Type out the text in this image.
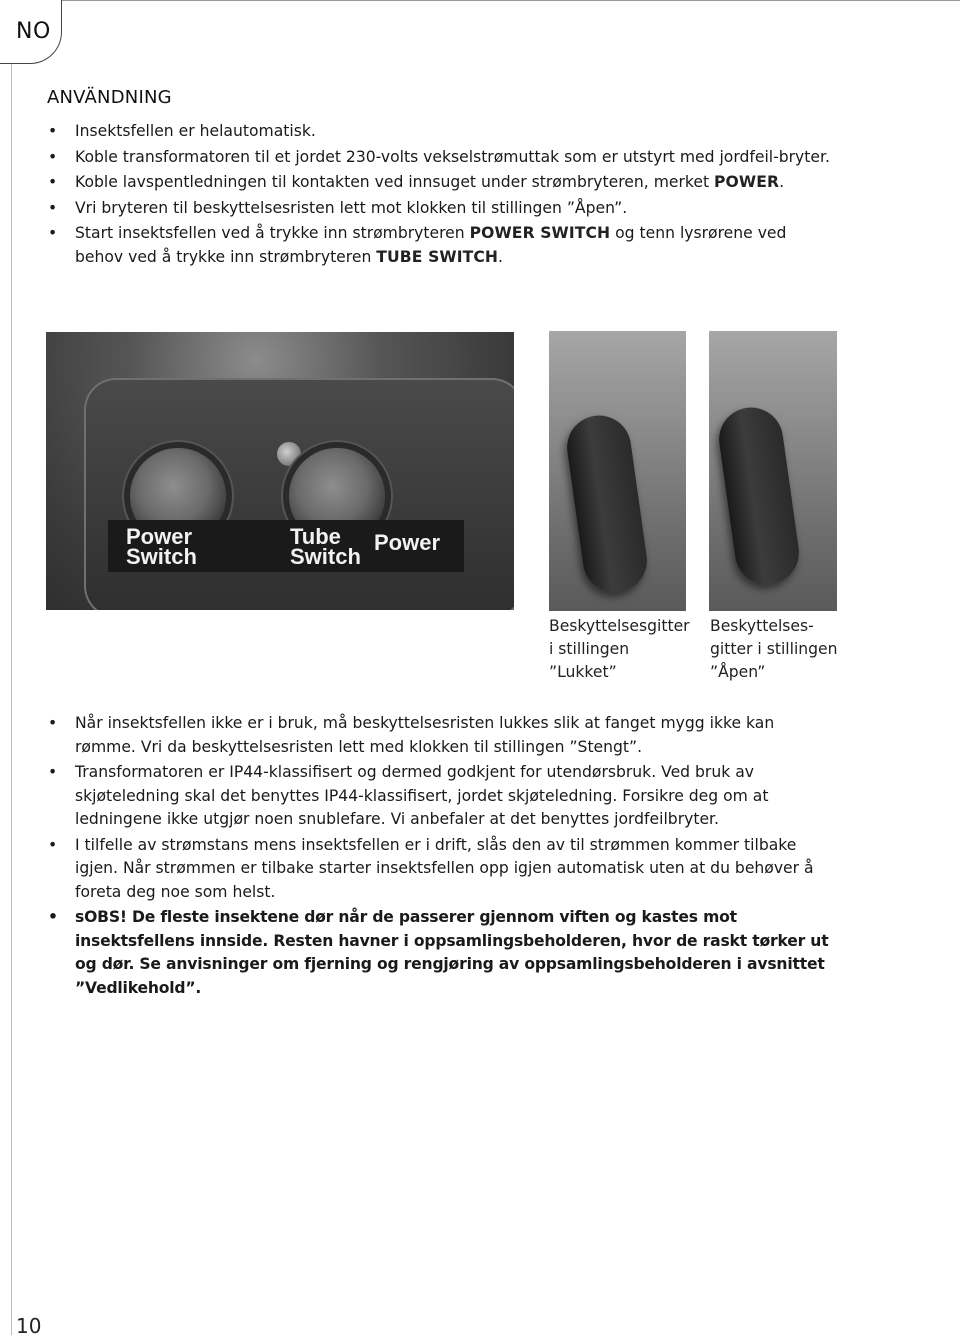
NO
ANVÄNDNING
• Insektsfellen er helautomatisk.
• Koble transformatoren til et jordet 230-volts vekselstrømuttak som er utstyrt med jordfeil-bryter.
• Koble lavspentledningen til kontakten ved innsuget under strømbryteren, merket POWER.
• Vri bryteren til beskyttelsesristen lett mot klokken til stillingen ”Åpen”.
• Start insektsfellen ved å trykke inn strømbryteren POWER SWITCH og tenn lysrørene ved behov ved å trykke inn strømbryteren TUBE SWITCH.
Power
Switch
Tube
Switch
Power
Beskyttelsesgitter
i stillingen
”Lukket”
Beskyttelses-
gitter i stillingen
”Åpen”
• Når insektsfellen ikke er i bruk, må beskyttelsesristen lukkes slik at fanget mygg ikke kan rømme. Vri da beskyttelsesristen lett med klokken til stillingen ”Stengt”.
• Transformatoren er IP44-klassifisert og dermed godkjent for utendørsbruk. Ved bruk av skjøteledning skal det benyttes IP44-klassifisert, jordet skjøteledning. Forsikre deg om at ledningene ikke utgjør noen snublefare. Vi anbefaler at det benyttes jordfeilbryter.
• I tilfelle av strømstans mens insektsfellen er i drift, slås den av til strømmen kommer tilbake igjen. Når strømmen er tilbake starter insektsfellen opp igjen automatisk uten at du behøver å foreta deg noe som helst.
• sOBS! De fleste insektene dør når de passerer gjennom viften og kastes mot insektsfellens innside. Resten havner i oppsamlingsbeholderen, hvor de raskt tørker ut og dør. Se anvisninger om fjerning og rengjøring av oppsamlingsbeholderen i avsnittet ”Vedlikehold”.
10
